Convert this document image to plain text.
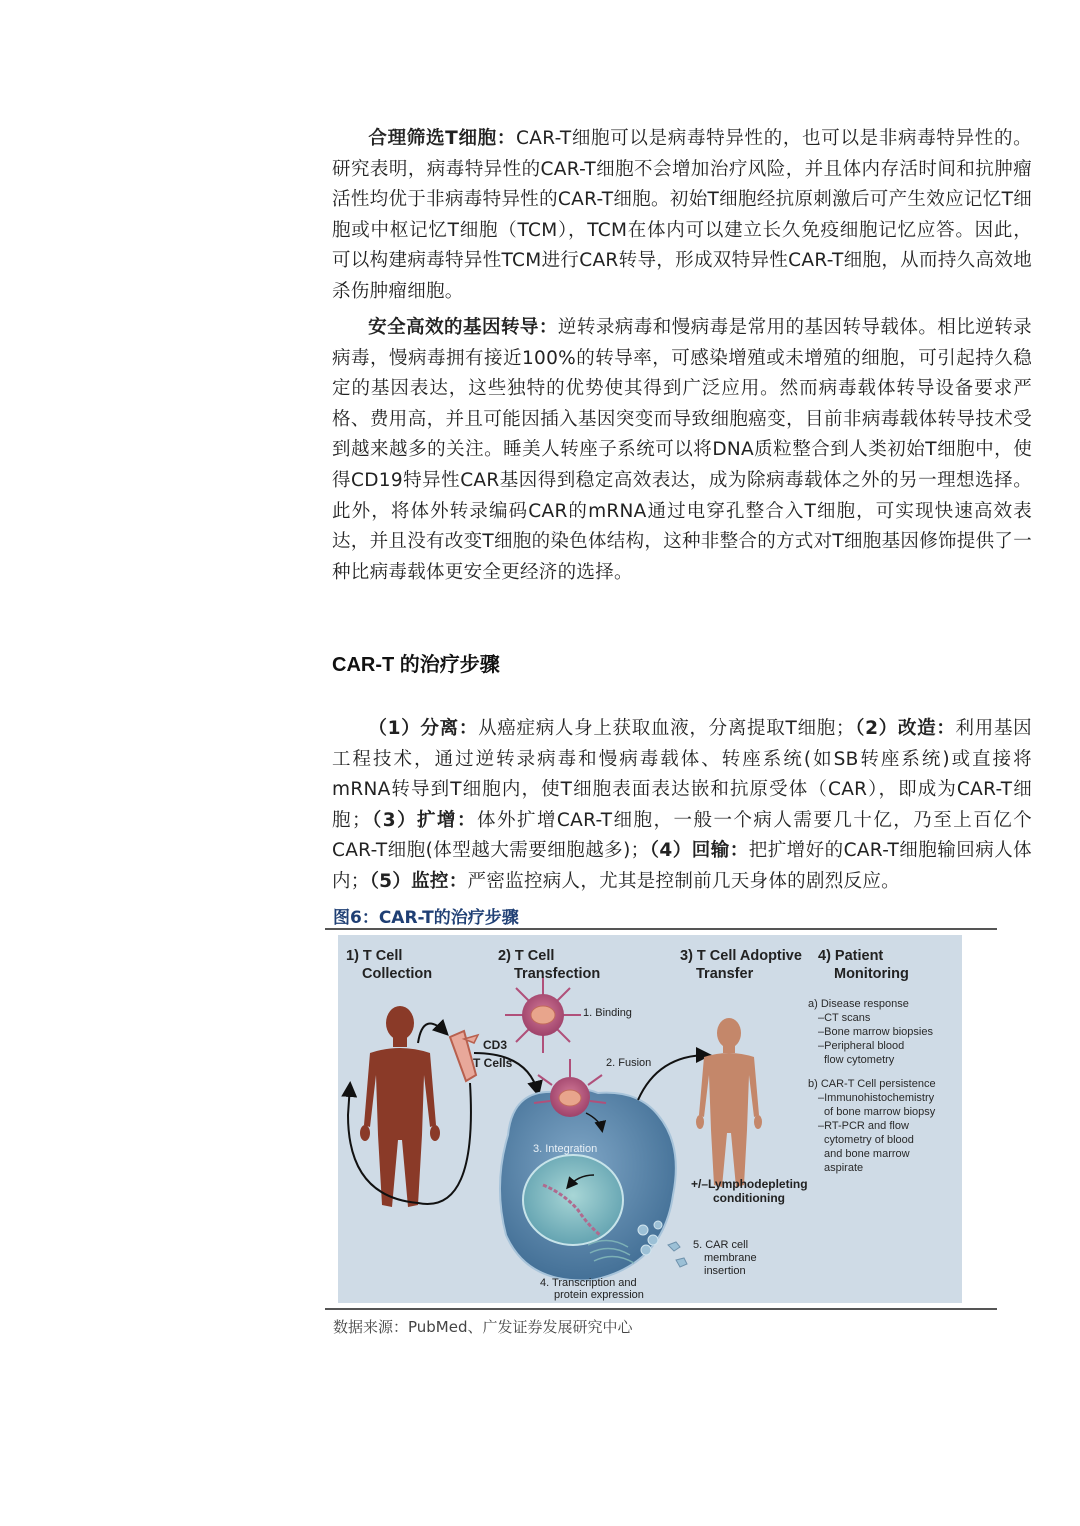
合理筛选T细胞：CAR-T细胞可以是病毒特异性的，也可以是非病毒特异性的。研究表明，病毒特异性的CAR-T细胞不会增加治疗风险，并且体内存活时间和抗肿瘤活性均优于非病毒特异性的CAR-T细胞。初始T细胞经抗原刺激后可产生效应记忆T细胞或中枢记忆T细胞（TCM），TCM在体内可以建立长久免疫细胞记忆应答。因此，可以构建病毒特异性TCM进行CAR转导，形成双特异性CAR-T细胞，从而持久高效地杀伤肿瘤细胞。
安全高效的基因转导：逆转录病毒和慢病毒是常用的基因转导载体。相比逆转录病毒，慢病毒拥有接近100%的转导率，可感染增殖或未增殖的细胞，可引起持久稳定的基因表达，这些独特的优势使其得到广泛应用。然而病毒载体转导设备要求严格、费用高，并且可能因插入基因突变而导致细胞癌变，目前非病毒载体转导技术受到越来越多的关注。睡美人转座子系统可以将DNA质粒整合到人类初始T细胞中，使得CD19特异性CAR基因得到稳定高效表达，成为除病毒载体之外的另一理想选择。此外，将体外转录编码CAR的mRNA通过电穿孔整合入T细胞，可实现快速高效表达，并且没有改变T细胞的染色体结构，这种非整合的方式对T细胞基因修饰提供了一种比病毒载体更安全更经济的选择。
CAR-T 的治疗步骤
（1）分离：从癌症病人身上获取血液，分离提取T细胞；（2）改造：利用基因工程技术，通过逆转录病毒和慢病毒载体、转座系统(如SB转座系统)或直接将mRNA转导到T细胞内，使T细胞表面表达嵌和抗原受体（CAR），即成为CAR-T细胞；（3）扩增：体外扩增CAR-T细胞，一般一个病人需要几十亿，乃至上百亿个CAR-T细胞(体型越大需要细胞越多)；（4）回输：把扩增好的CAR-T细胞输回病人体内；（5）监控：严密监控病人，尤其是控制前几天身体的剧烈反应。
图6：CAR-T的治疗步骤
1) T Cell
Collection
2) T Cell
Transfection
3) T Cell Adoptive
Transfer
4) Patient
Monitoring
CD3
T Cells
1. Binding
2. Fusion
3. Integration
4. Transcription and
protein expression
5. CAR cell
membrane
insertion
+/–Lymphodepleting
conditioning
a) Disease response
–CT scans
–Bone marrow biopsies
–Peripheral blood
flow cytometry
b) CAR-T Cell persistence
–Immunohistochemistry
of bone marrow biopsy
–RT-PCR and flow
cytometry of blood
and bone marrow
aspirate
数据来源：PubMed、广发证券发展研究中心
